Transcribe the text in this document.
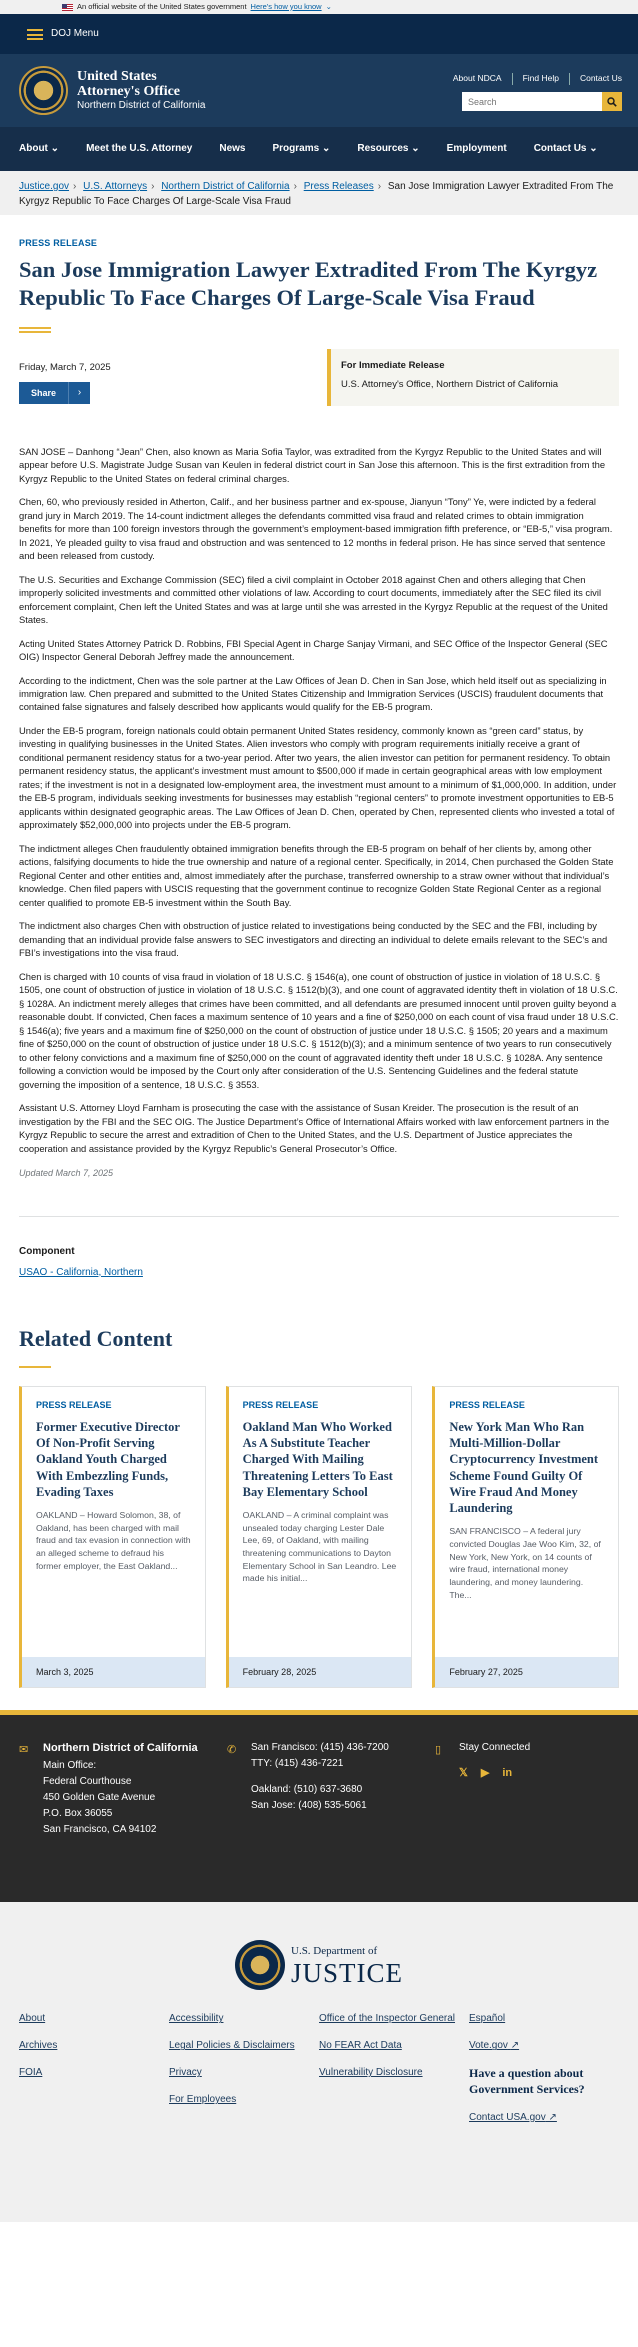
An official website of the United States government Here's how you know ⌄
DOJ Menu
United States
Attorney's Office
Northern District of California
About NDCA	Find Help	Contact Us
Search
About ⌄	Meet the U.S. Attorney	News	Programs ⌄	Resources ⌄	Employment	Contact Us ⌄
Justice.gov › U.S. Attorneys › Northern District of California › Press Releases › San Jose Immigration Lawyer Extradited From The Kyrgyz Republic To Face Charges Of Large-Scale Visa Fraud
PRESS RELEASE
San Jose Immigration Lawyer Extradited From The Kyrgyz Republic To Face Charges Of Large-Scale Visa Fraud
Friday, March 7, 2025
Share	›
For Immediate Release
U.S. Attorney's Office, Northern District of California

SAN JOSE – Danhong “Jean” Chen, also known as Maria Sofia Taylor, was extradited from the Kyrgyz Republic to the United States and will appear before U.S. Magistrate Judge Susan van Keulen in federal district court in San Jose this afternoon. This is the first extradition from the Kyrgyz Republic to the United States on federal criminal charges.

Chen, 60, who previously resided in Atherton, Calif., and her business partner and ex-spouse, Jianyun “Tony” Ye, were indicted by a federal grand jury in March 2019. The 14-count indictment alleges the defendants committed visa fraud and related crimes to obtain immigration benefits for more than 100 foreign investors through the government’s employment-based immigration fifth preference, or “EB-5,” visa program. In 2021, Ye pleaded guilty to visa fraud and obstruction and was sentenced to 12 months in federal prison. He has since served that sentence and been released from custody.

The U.S. Securities and Exchange Commission (SEC) filed a civil complaint in October 2018 against Chen and others alleging that Chen improperly solicited investments and committed other violations of law. According to court documents, immediately after the SEC filed its civil enforcement complaint, Chen left the United States and was at large until she was arrested in the Kyrgyz Republic at the request of the United States.

Acting United States Attorney Patrick D. Robbins, FBI Special Agent in Charge Sanjay Virmani, and SEC Office of the Inspector General (SEC OIG) Inspector General Deborah Jeffrey made the announcement.

According to the indictment, Chen was the sole partner at the Law Offices of Jean D. Chen in San Jose, which held itself out as specializing in immigration law. Chen prepared and submitted to the United States Citizenship and Immigration Services (USCIS) fraudulent documents that contained false signatures and falsely described how applicants would qualify for the EB-5 program.

Under the EB-5 program, foreign nationals could obtain permanent United States residency, commonly known as “green card” status, by investing in qualifying businesses in the United States. Alien investors who comply with program requirements initially receive a grant of conditional permanent residency status for a two-year period. After two years, the alien investor can petition for permanent residency. To obtain permanent residency status, the applicant’s investment must amount to $500,000 if made in certain geographical areas with low employment rates; if the investment is not in a designated low-employment area, the investment must amount to a minimum of $1,000,000. In addition, under the EB-5 program, individuals seeking investments for businesses may establish “regional centers” to promote investment opportunities to EB-5 applicants within designated geographic areas. The Law Offices of Jean D. Chen, operated by Chen, represented clients who invested a total of approximately $52,000,000 into projects under the EB-5 program.

The indictment alleges Chen fraudulently obtained immigration benefits through the EB-5 program on behalf of her clients by, among other actions, falsifying documents to hide the true ownership and nature of a regional center. Specifically, in 2014, Chen purchased the Golden State Regional Center and other entities and, almost immediately after the purchase, transferred ownership to a straw owner without that individual’s knowledge. Chen filed papers with USCIS requesting that the government continue to recognize Golden State Regional Center as a regional center qualified to promote EB-5 investment within the South Bay.

The indictment also charges Chen with obstruction of justice related to investigations being conducted by the SEC and the FBI, including by demanding that an individual provide false answers to SEC investigators and directing an individual to delete emails relevant to the SEC’s and FBI’s investigations into the visa fraud.

Chen is charged with 10 counts of visa fraud in violation of 18 U.S.C. § 1546(a), one count of obstruction of justice in violation of 18 U.S.C. § 1505, one count of obstruction of justice in violation of 18 U.S.C. § 1512(b)(3), and one count of aggravated identity theft in violation of 18 U.S.C. § 1028A. An indictment merely alleges that crimes have been committed, and all defendants are presumed innocent until proven guilty beyond a reasonable doubt. If convicted, Chen faces a maximum sentence of 10 years and a fine of $250,000 on each count of visa fraud under 18 U.S.C. § 1546(a); five years and a maximum fine of $250,000 on the count of obstruction of justice under 18 U.S.C. § 1505; 20 years and a maximum fine of $250,000 on the count of obstruction of justice under 18 U.S.C. § 1512(b)(3); and a minimum sentence of two years to run consecutively to other felony convictions and a maximum fine of $250,000 on the count of aggravated identity theft under 18 U.S.C. § 1028A. Any sentence following a conviction would be imposed by the Court only after consideration of the U.S. Sentencing Guidelines and the federal statute governing the imposition of a sentence, 18 U.S.C. § 3553.

Assistant U.S. Attorney Lloyd Farnham is prosecuting the case with the assistance of Susan Kreider. The prosecution is the result of an investigation by the FBI and the SEC OIG. The Justice Department’s Office of International Affairs worked with law enforcement partners in the Kyrgyz Republic to secure the arrest and extradition of Chen to the United States, and the U.S. Department of Justice appreciates the cooperation and assistance provided by the Kyrgyz Republic’s General Prosecutor’s Office.

Updated March 7, 2025
Component
USAO - California, Northern
Related Content
PRESS RELEASE
Former Executive Director Of Non-Profit Serving Oakland Youth Charged With Embezzling Funds, Evading Taxes
OAKLAND – Howard Solomon, 38, of Oakland, has been charged with mail fraud and tax evasion in connection with an alleged scheme to defraud his former employer, the East Oakland...
March 3, 2025
PRESS RELEASE
Oakland Man Who Worked As A Substitute Teacher Charged With Mailing Threatening Letters To East Bay Elementary School
OAKLAND – A criminal complaint was unsealed today charging Lester Dale Lee, 69, of Oakland, with mailing threatening communications to Dayton Elementary School in San Leandro. Lee made his initial...
February 28, 2025
PRESS RELEASE
New York Man Who Ran Multi-Million-Dollar Cryptocurrency Investment Scheme Found Guilty Of Wire Fraud And Money Laundering
SAN FRANCISCO – A federal jury convicted Douglas Jae Woo Kim, 32, of New York, New York, on 14 counts of wire fraud, international money laundering, and money laundering. The...
February 27, 2025
✉ Northern District of California
Main Office:
Federal Courthouse
450 Golden Gate Avenue
P.O. Box 36055
San Francisco, CA 94102
✆ San Francisco: (415) 436-7200
TTY: (415) 436-7221
Oakland: (510) 637-3680
San Jose: (408) 535-5061
▯ Stay Connected
𝕏 ▶ in
U.S. Department of
JUSTICE
About
Archives
FOIA
Accessibility
Legal Policies & Disclaimers
Privacy
For Employees
Office of the Inspector General
No FEAR Act Data
Vulnerability Disclosure
Español
Vote.gov ↗
Have a question about Government Services?
Contact USA.gov ↗
